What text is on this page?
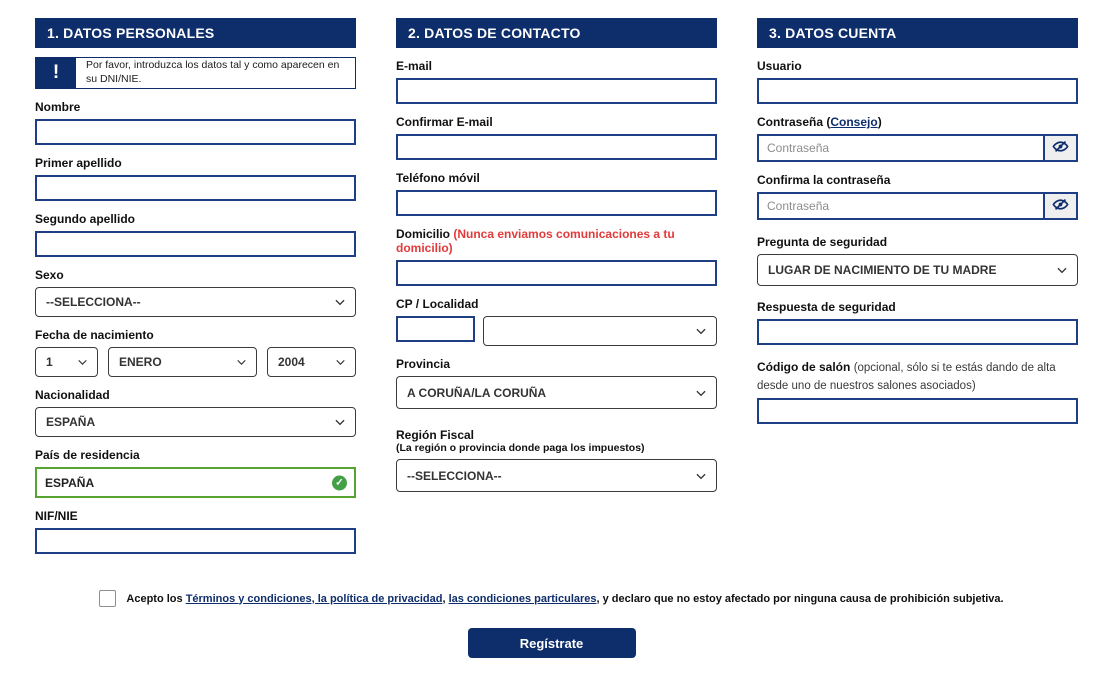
1. DATOS PERSONALES
!	Por favor, introduzca los datos tal y como aparecen en su DNI/NIE.
Nombre
Primer apellido
Segundo apellido
Sexo
--SELECCIONA--
Fecha de nacimiento
1
ENERO
2004
Nacionalidad
ESPAÑA
País de residencia
ESPAÑA
✓
NIF/NIE
2. DATOS DE CONTACTO
E-mail
Confirmar E-mail
Teléfono móvil
Domicilio (Nunca enviamos comunicaciones a tu domicilio)
CP / Localidad
Provincia
A CORUÑA/LA CORUÑA
Región Fiscal
(La región o provincia donde paga los impuestos)
--SELECCIONA--
3. DATOS CUENTA
Usuario
Contraseña (Consejo)
Confirma la contraseña
Pregunta de seguridad
LUGAR DE NACIMIENTO DE TU MADRE
Respuesta de seguridad
Código de salón (opcional, sólo si te estás dando de alta desde uno de nuestros salones asociados)
Acepto los Términos y condiciones, la política de privacidad, las condiciones particulares, y declaro que no estoy afectado por ninguna causa de prohibición subjetiva.
Regístrate
